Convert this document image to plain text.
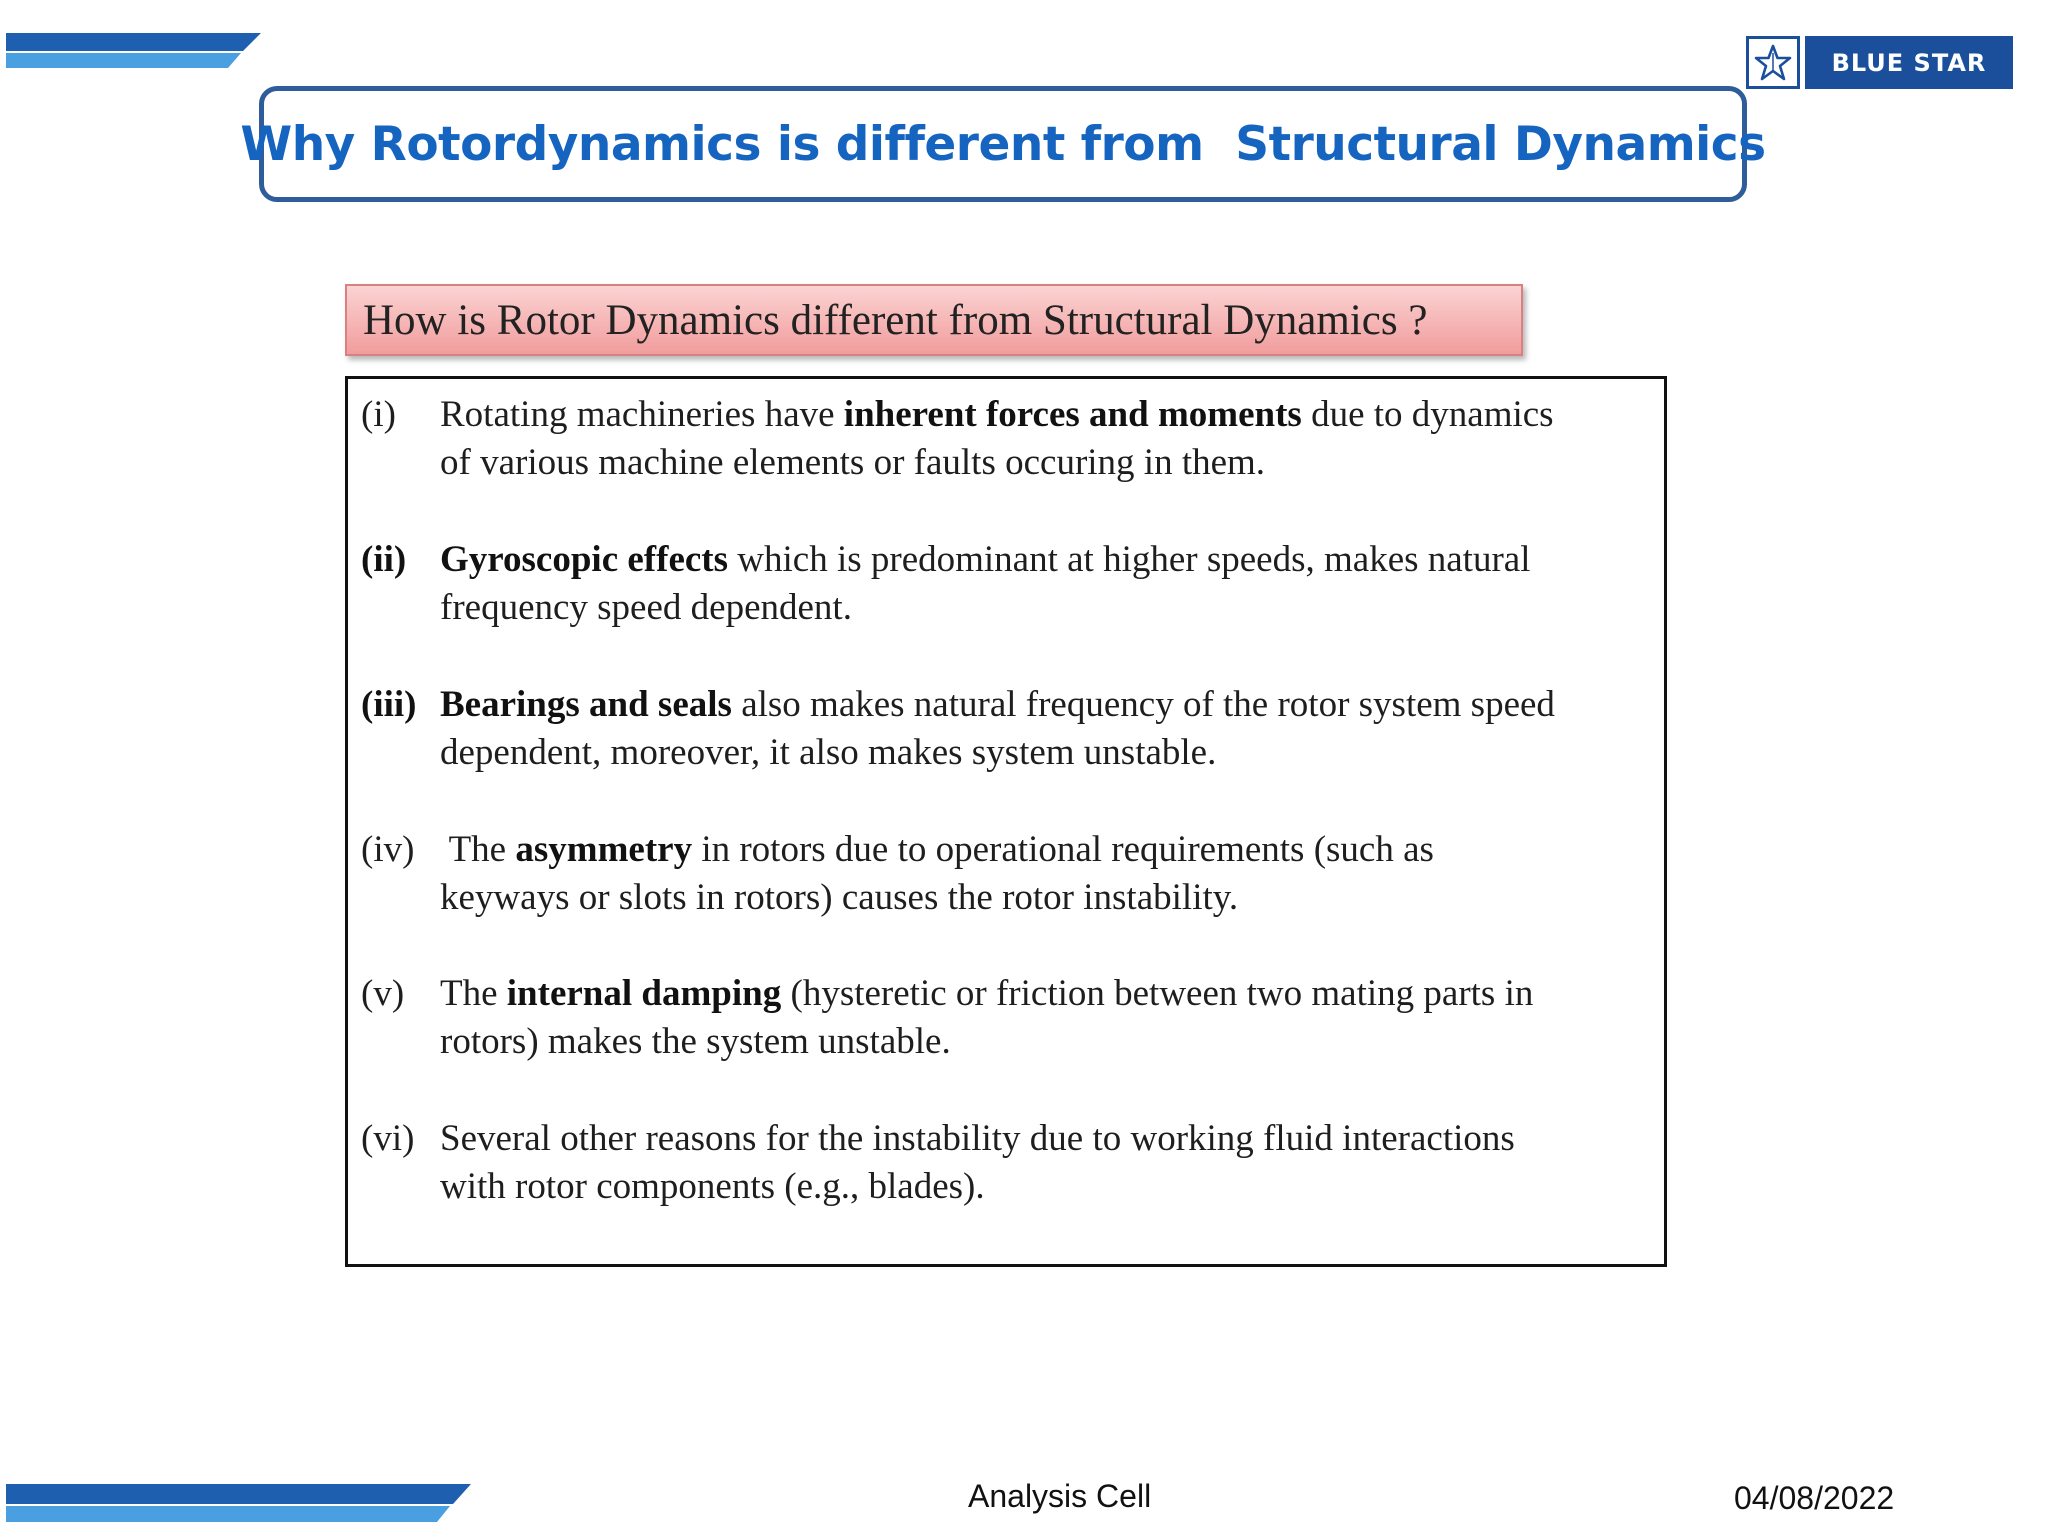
BLUE STAR
Why Rotordynamics is different from  Structural Dynamics
How is Rotor Dynamics different from Structural Dynamics ?
(i) Rotating machineries have inherent forces and moments due to dynamics
of various machine elements or faults occuring in them.
(ii) Gyroscopic effects which is predominant at higher speeds, makes natural
frequency speed dependent.
(iii) Bearings and seals also makes natural frequency of the rotor system speed
dependent, moreover, it also makes system unstable.
(iv) The asymmetry in rotors due to operational requirements (such as
keyways or slots in rotors) causes the rotor instability.
(v) The internal damping (hysteretic or friction between two mating parts in
rotors) makes the system unstable.
(vi) Several other reasons for the instability due to working fluid interactions
with rotor components (e.g., blades).
Analysis Cell	04/08/2022
